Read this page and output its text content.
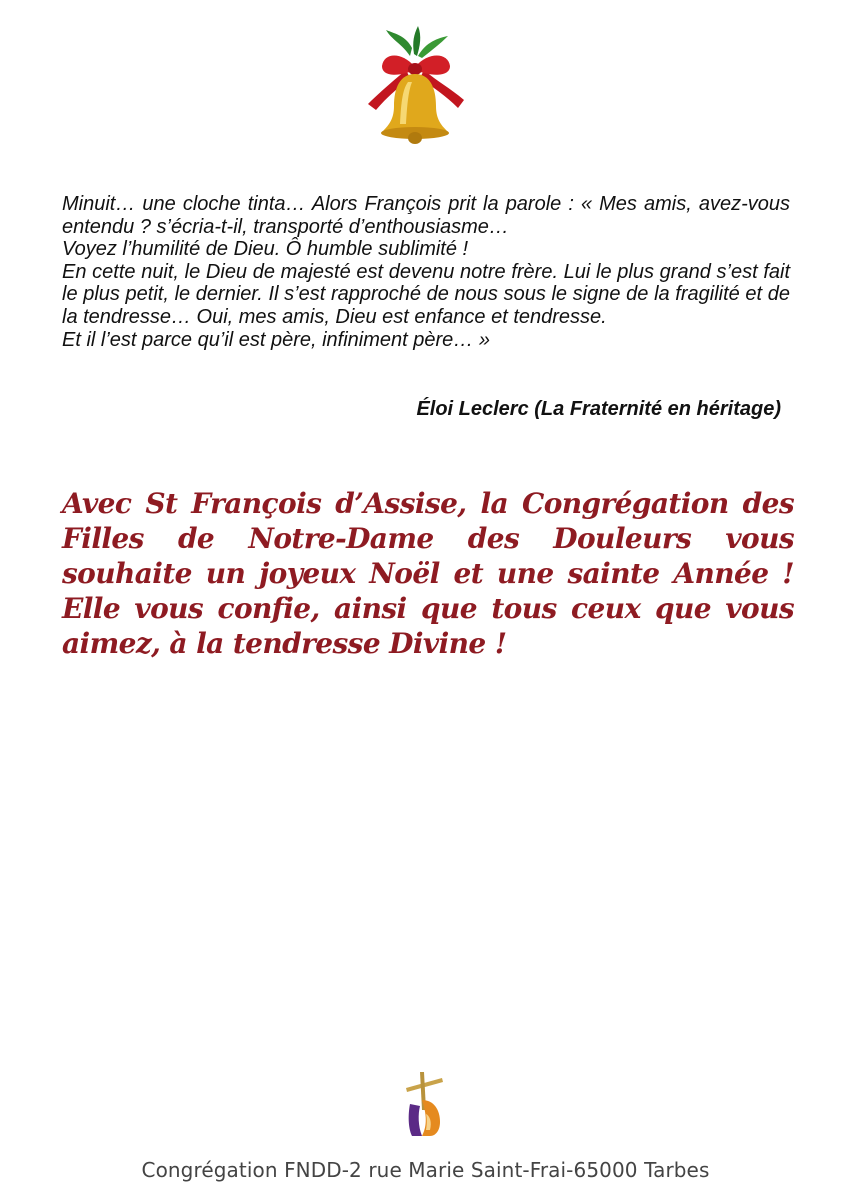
Minuit… une cloche tinta… Alors François prit la parole : « Mes amis, avez-vous entendu ? s’écria-t-il, transporté d’enthousiasme…

Voyez l’humilité de Dieu. Ô humble sublimité !

En cette nuit, le Dieu de majesté est devenu notre frère. Lui le plus grand s’est fait le plus petit, le dernier. Il s’est rapproché de nous sous le signe de la fragilité et de la tendresse… Oui, mes amis, Dieu est enfance et tendresse.

Et il l’est parce qu’il est père, infiniment père… »

Éloi Leclerc (La Fraternité en héritage)
Avec St François d’Assise, la Congrégation des Filles de Notre-Dame des Douleurs vous souhaite un joyeux Noël et une sainte Année ! Elle vous confie, ainsi que tous ceux que vous aimez, à la tendresse Divine !
Congrégation FNDD-2 rue Marie Saint-Frai-65000 Tarbes
